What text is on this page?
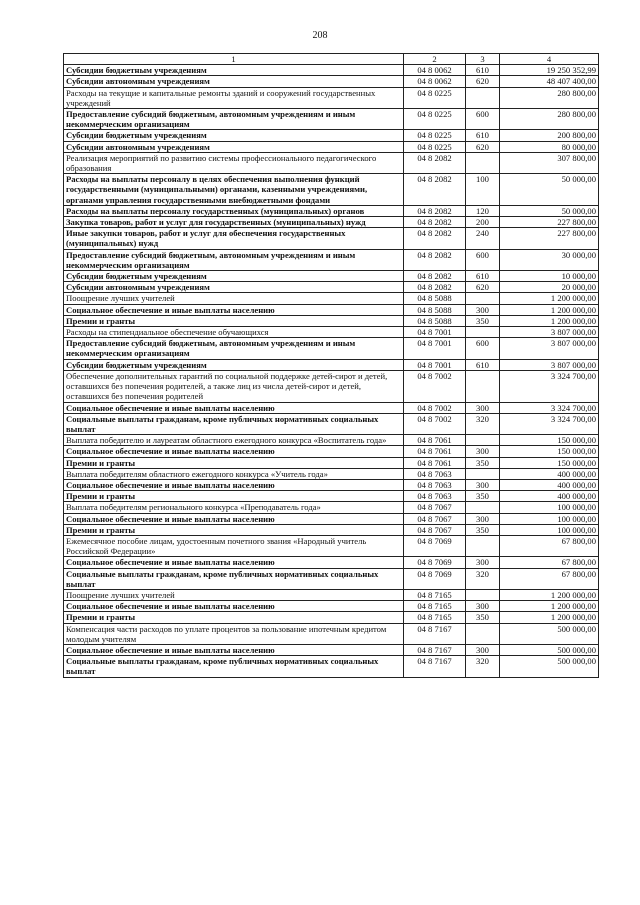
208
1	2	3	4
Субсидии бюджетным учреждениям	04 8 0062	610	19 250 352,99
Субсидии автономным учреждениям	04 8 0062	620	48 407 400,00
Расходы на текущие и капитальные ремонты зданий и сооружений государственных учреждений	04 8 0225		280 800,00
Предоставление субсидий бюджетным, автономным учреждениям и иным некоммерческим организациям	04 8 0225	600	280 800,00
Субсидии бюджетным учреждениям	04 8 0225	610	200 800,00
Субсидии автономным учреждениям	04 8 0225	620	80 000,00
Реализация мероприятий по развитию системы профессионального педагогического образования	04 8 2082		307 800,00
Расходы на выплаты персоналу в целях обеспечения выполнения функций государственными (муниципальными) органами, казенными учреждениями, органами управления государственными внебюджетными фондами	04 8 2082	100	50 000,00
Расходы на выплаты персоналу государственных (муниципальных) органов	04 8 2082	120	50 000,00
Закупка товаров, работ и услуг для государственных (муниципальных) нужд	04 8 2082	200	227 800,00
Иные закупки товаров, работ и услуг для обеспечения государственных (муниципальных) нужд	04 8 2082	240	227 800,00
Предоставление субсидий бюджетным, автономным учреждениям и иным некоммерческим организациям	04 8 2082	600	30 000,00
Субсидии бюджетным учреждениям	04 8 2082	610	10 000,00
Субсидии автономным учреждениям	04 8 2082	620	20 000,00
Поощрение лучших учителей	04 8 5088		1 200 000,00
Социальное обеспечение и иные выплаты населению	04 8 5088	300	1 200 000,00
Премии и гранты	04 8 5088	350	1 200 000,00
Расходы на стипендиальное обеспечение обучающихся	04 8 7001		3 807 000,00
Предоставление субсидий бюджетным, автономным учреждениям и иным некоммерческим организациям	04 8 7001	600	3 807 000,00
Субсидии бюджетным учреждениям	04 8 7001	610	3 807 000,00
Обеспечение дополнительных гарантий по социальной поддержке детей-сирот и детей, оставшихся без попечения родителей, а также лиц из числа детей-сирот и детей, оставшихся без попечения родителей	04 8 7002		3 324 700,00
Социальное обеспечение и иные выплаты населению	04 8 7002	300	3 324 700,00
Социальные выплаты гражданам, кроме публичных нормативных социальных выплат	04 8 7002	320	3 324 700,00
Выплата победителю и лауреатам областного ежегодного конкурса «Воспитатель года»	04 8 7061		150 000,00
Социальное обеспечение и иные выплаты населению	04 8 7061	300	150 000,00
Премии и гранты	04 8 7061	350	150 000,00
Выплата победителям областного ежегодного конкурса «Учитель года»	04 8 7063		400 000,00
Социальное обеспечение и иные выплаты населению	04 8 7063	300	400 000,00
Премии и гранты	04 8 7063	350	400 000,00
Выплата победителям регионального конкурса «Преподаватель года»	04 8 7067		100 000,00
Социальное обеспечение и иные выплаты населению	04 8 7067	300	100 000,00
Премии и гранты	04 8 7067	350	100 000,00
Ежемесячное пособие лицам, удостоенным почетного звания «Народный учитель Российской Федерации»	04 8 7069		67 800,00
Социальное обеспечение и иные выплаты населению	04 8 7069	300	67 800,00
Социальные выплаты гражданам, кроме публичных нормативных социальных выплат	04 8 7069	320	67 800,00
Поощрение лучших учителей	04 8 7165		1 200 000,00
Социальное обеспечение и иные выплаты населению	04 8 7165	300	1 200 000,00
Премии и гранты	04 8 7165	350	1 200 000,00
Компенсация части расходов по уплате процентов за пользование ипотечным кредитом молодым учителям	04 8 7167		500 000,00
Социальное обеспечение и иные выплаты населению	04 8 7167	300	500 000,00
Социальные выплаты гражданам, кроме публичных нормативных социальных выплат	04 8 7167	320	500 000,00
